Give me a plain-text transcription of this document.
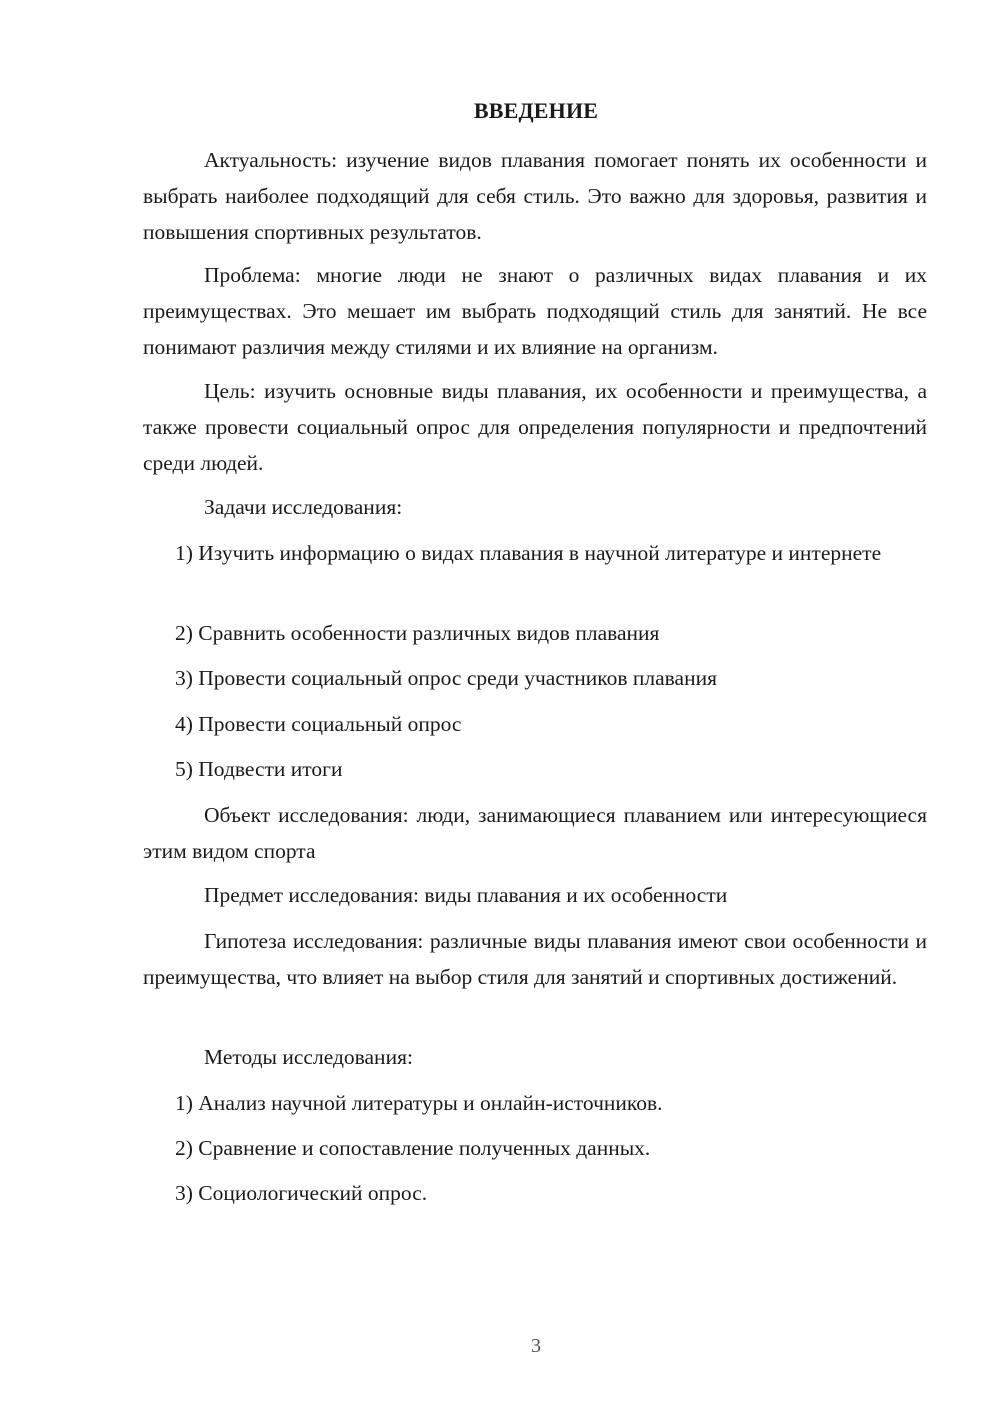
ВВЕДЕНИЕ

Актуальность: изучение видов плавания помогает понять их особенности и выбрать наиболее подходящий для себя стиль. Это важно для здоровья, развития и повышения спортивных результатов.

Проблема: многие люди не знают о различных видах плавания и их преимуществах. Это мешает им выбрать подходящий стиль для занятий. Не все понимают различия между стилями и их влияние на организм.

Цель: изучить основные виды плавания, их особенности и преимущества, а также провести социальный опрос для определения популярности и предпочтений среди людей.

Задачи исследования:

1) Изучить информацию о видах плавания в научной литературе и интернете

2) Сравнить особенности различных видов плавания

3) Провести социальный опрос среди участников плавания

4) Провести социальный опрос

5) Подвести итоги

Объект исследования: люди, занимающиеся плаванием или интересующиеся этим видом спорта

Предмет исследования: виды плавания и их особенности

Гипотеза исследования: различные виды плавания имеют свои особенности и преимущества, что влияет на выбор стиля для занятий и спортивных достижений.

Методы исследования:

1) Анализ научной литературы и онлайн-источников.

2) Сравнение и сопоставление полученных данных.

3) Социологический опрос.

3
